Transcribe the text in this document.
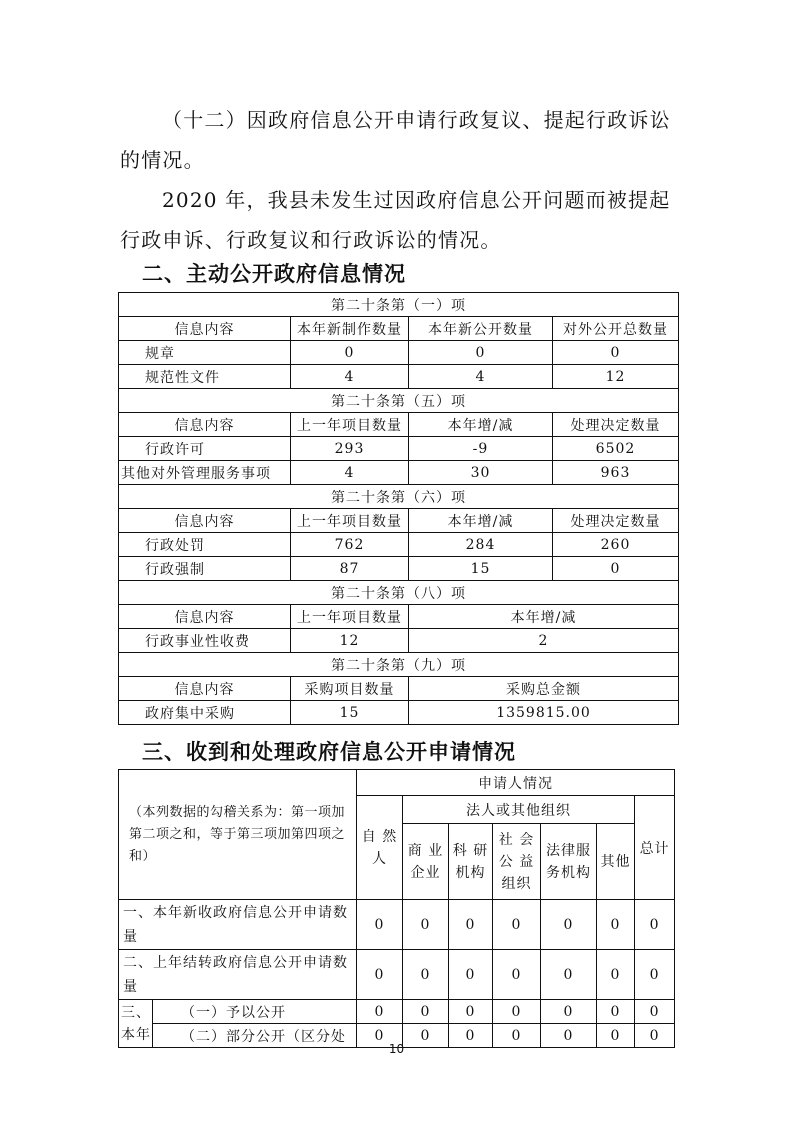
（十二）因政府信息公开申请行政复议、提起行政诉讼的情况。

2020 年，我县未发生过因政府信息公开问题而被提起行政申诉、行政复议和行政诉讼的情况。

二、主动公开政府信息情况
第二十条第（一）项			
信息内容	本年新制作数量	本年新公开数量	对外公开总数量
规章	0	0	0
规范性文件	4	4	12
第二十条第（五）项			
信息内容	上一年项目数量	本年增/减	处理决定数量
行政许可	293	-9	6502
其他对外管理服务事项	4	30	963
第二十条第（六）项			
信息内容	上一年项目数量	本年增/减	处理决定数量
行政处罚	762	284	260
行政强制	87	15	0
第二十条第（八）项			
信息内容	上一年项目数量	本年增/减	
行政事业性收费	12	2	
第二十条第（九）项			
信息内容	采购项目数量	采购总金额	
政府集中采购	15	1359815.00	
三、收到和处理政府信息公开申请情况
（本列数据的勾稽关系为：第一项加第二项之和，等于第三项加第四项之和）		申请人情况						
		自 然人	法人或其他组织					总计
			商 业企业	科 研机构	社 会公 益组织	法律服务机构	其他	
一、本年新收政府信息公开申请数量		0	0	0	0	0	0	0
二、上年结转政府信息公开申请数量		0	0	0	0	0	0	0
三、本年	（一）予以公开	0	0	0	0	0	0	0
	（二）部分公开（区分处	0	0	0	0	0	0	0
10
